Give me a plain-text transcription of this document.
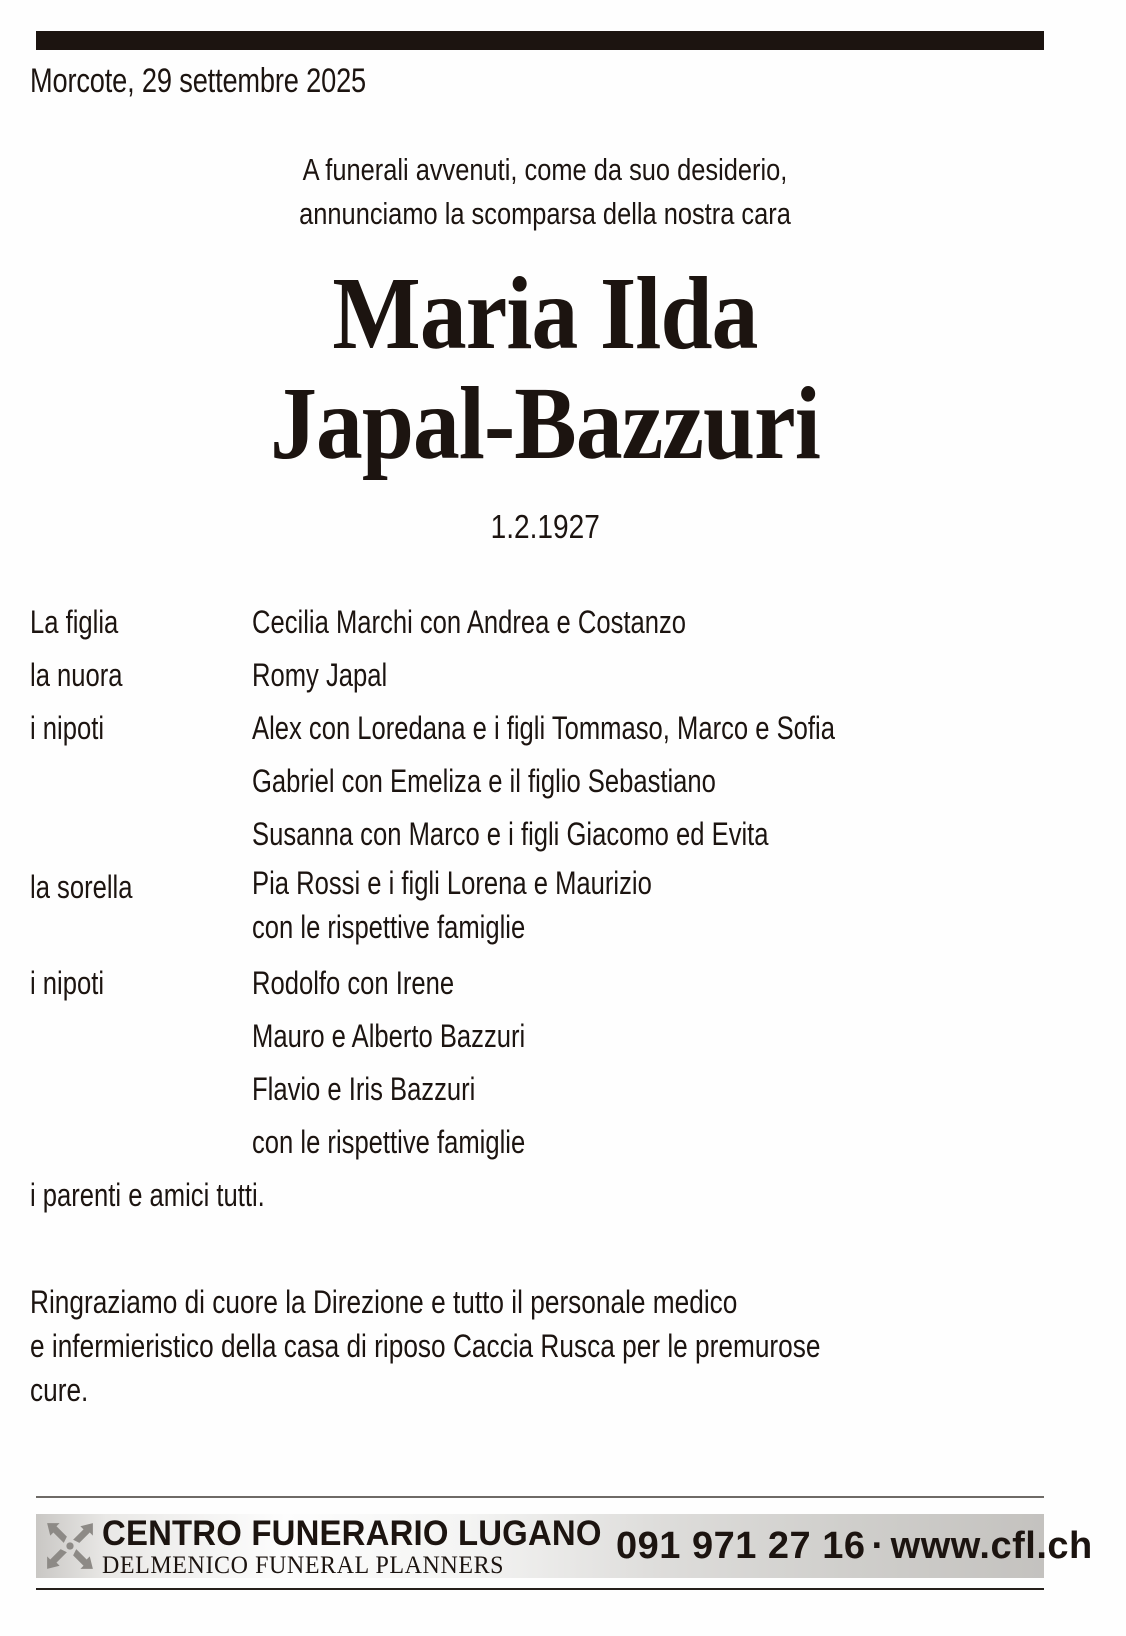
Morcote, 29 settembre 2025
A funerali avvenuti, come da suo desiderio,
annunciamo la scomparsa della nostra cara
Maria Ilda
Japal-Bazzuri
1.2.1927
La figlia	Cecilia Marchi con Andrea e Costanzo
la nuora	Romy Japal
i nipoti	Alex con Loredana e i figli Tommaso, Marco e Sofia
Gabriel con Emeliza e il figlio Sebastiano
Susanna con Marco e i figli Giacomo ed Evita
la sorella	Pia Rossi e i figli Lorena e Maurizio
con le rispettive famiglie
i nipoti	Rodolfo con Irene
Mauro e Alberto Bazzuri
Flavio e Iris Bazzuri
con le rispettive famiglie
i parenti e amici tutti.
Ringraziamo di cuore la Direzione e tutto il personale medico
e infermieristico della casa di riposo Caccia Rusca per le premurose
cure.
CENTRO FUNERARIO LUGANO
DELMENICO FUNERAL PLANNERS	091 971 27 16 · www.cfl.ch
